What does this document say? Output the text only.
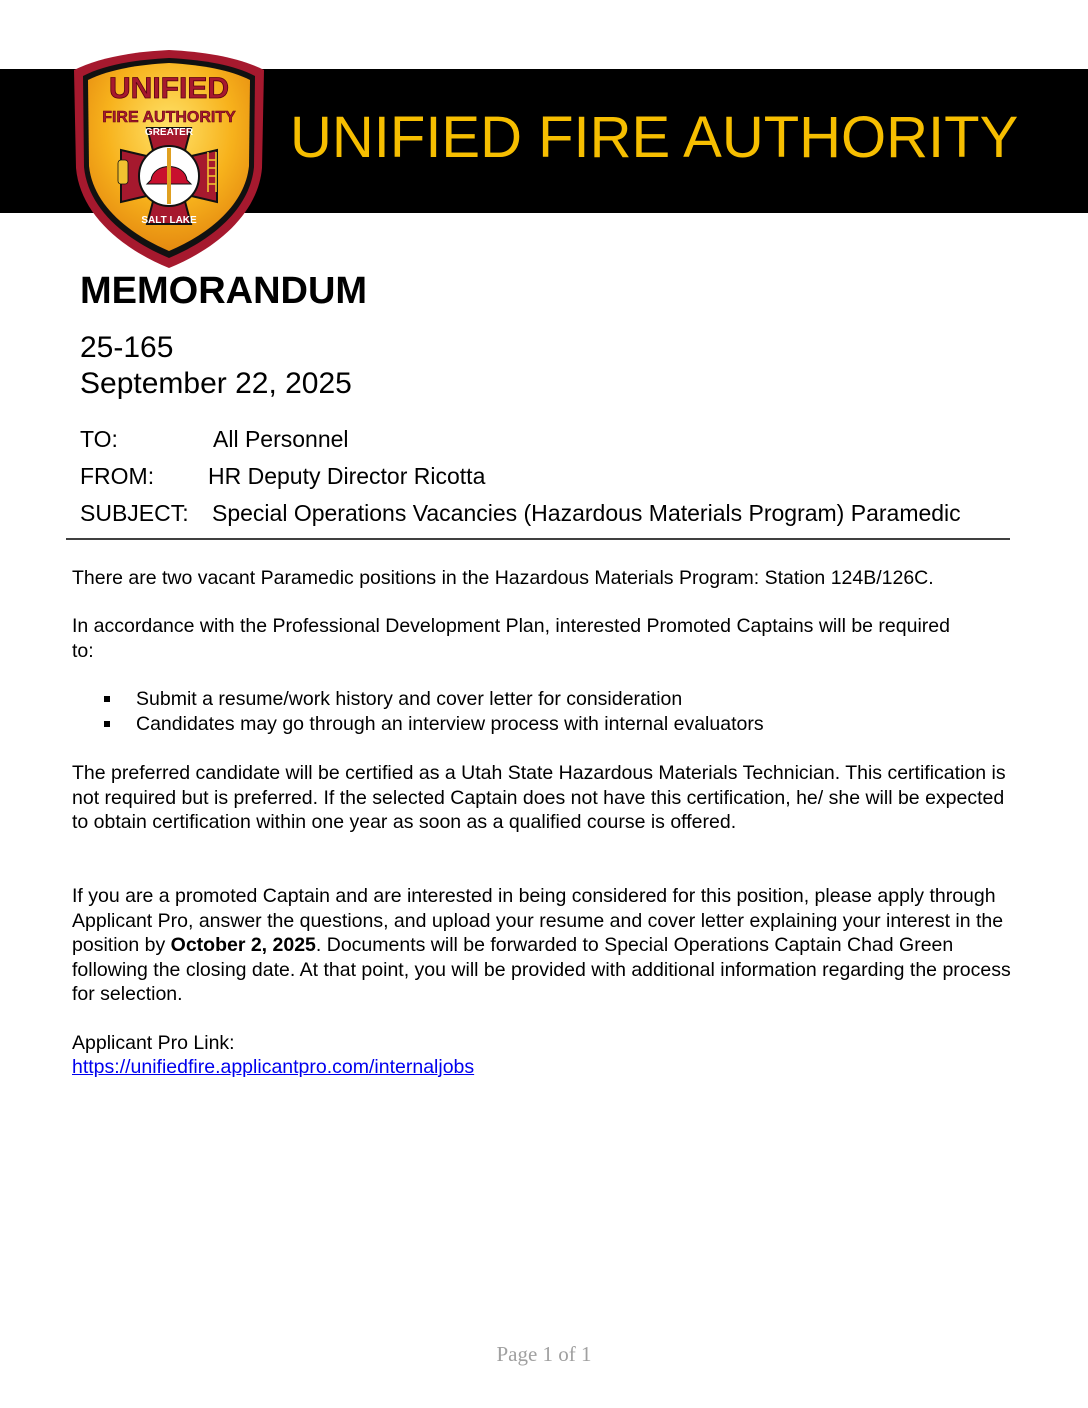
UNIFIED FIRE AUTHORITY
UNIFIED
FIRE AUTHORITY
GREATER
SALT LAKE
MEMORANDUM
25-165
September 22, 2025
TO:	All Personnel
FROM: HR Deputy Director Ricotta
SUBJECT: Special Operations Vacancies (Hazardous Materials Program) Paramedic
There are two vacant Paramedic positions in the Hazardous Materials Program: Station 124B/126C.
In accordance with the Professional Development Plan, interested Promoted Captains will be required to:
Submit a resume/work history and cover letter for consideration
Candidates may go through an interview process with internal evaluators
The preferred candidate will be certified as a Utah State Hazardous Materials Technician. This certification is not required but is preferred. If the selected Captain does not have this certification, he/ she will be expected to obtain certification within one year as soon as a qualified course is offered.
If you are a promoted Captain and are interested in being considered for this position, please apply through Applicant Pro, answer the questions, and upload your resume and cover letter explaining your interest in the position by October 2, 2025. Documents will be forwarded to Special Operations Captain Chad Green following the closing date. At that point, you will be provided with additional information regarding the process for selection.
Applicant Pro Link:
https://unifiedfire.applicantpro.com/internaljobs
Page 1 of 1
